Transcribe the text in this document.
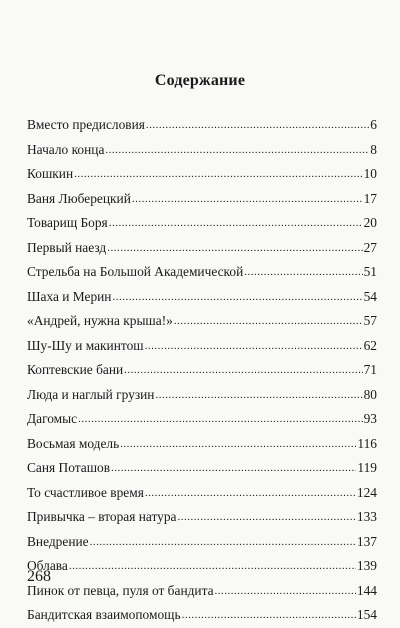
Содержание
Вместо предисловия .....	6
Начало конца .....	8
Кошкин .....	10
Ваня Люберецкий .....	17
Товарищ Боря .....	20
Первый наезд .....	27
Стрельба на Большой Академической .....	51
Шаха и Мерин .....	54
«Андрей, нужна крыша!» .....	57
Шу-Шу и макинтош .....	62
Коптевские бани .....	71
Люда и наглый грузин .....	80
Дагомыс .....	93
Восьмая модель .....	116
Саня Поташов .....	119
То счастливое время .....	124
Привычка – вторая натура .....	133
Внедрение .....	137
Облава .....	139
Пинок от певца, пуля от бандита .....	144
Бандитская взаимопомощь .....	154
268
